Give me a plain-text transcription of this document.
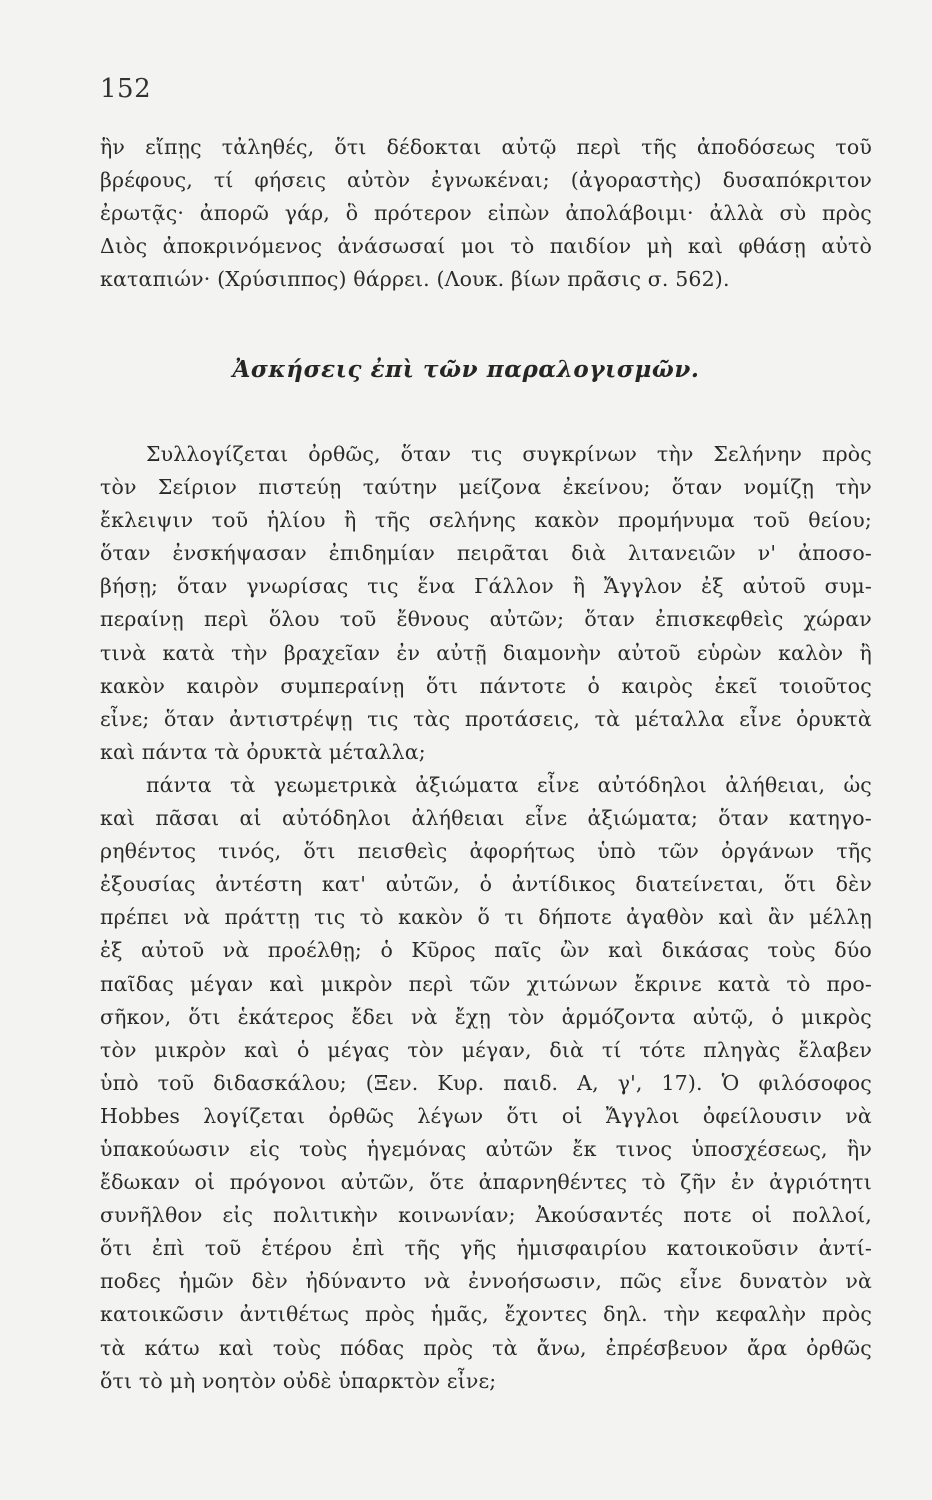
152
ἣν εἴπῃς τἀληθές, ὅτι δέδοκται αὐτῷ περὶ τῆς ἀποδόσεως τοῦ
βρέφους, τί φήσεις αὐτὸν ἐγνωκέναι; (ἀγοραστὴς) δυσαπόκριτον
ἐρωτᾷς· ἀπορῶ γάρ, ὃ πρότερον εἰπὼν ἀπολάβοιμι· ἀλλὰ σὺ πρὸς
Διὸς ἀποκρινόμενος ἀνάσωσαί μοι τὸ παιδίον μὴ καὶ φθάσῃ αὐτὸ
καταπιών· (Χρύσιππος) θάρρει. (Λουκ. βίων πρᾶσις σ. 562).
Ἀσκήσεις ἐπὶ τῶν παραλογισμῶν.
Συλλογίζεται ὀρθῶς, ὅταν τις συγκρίνων τὴν Σελήνην πρὸς
τὸν Σείριον πιστεύῃ ταύτην μείζονα ἐκείνου; ὅταν νομίζῃ τὴν
ἔκλειψιν τοῦ ἡλίου ἢ τῆς σελήνης κακὸν προμήνυμα τοῦ θείου;
ὅταν ἐνσκήψασαν ἐπιδημίαν πειρᾶται διὰ λιτανειῶν ν' ἀποσο-
βήσῃ; ὅταν γνωρίσας τις ἕνα Γάλλον ἢ Ἄγγλον ἐξ αὐτοῦ συμ-
περαίνῃ περὶ ὅλου τοῦ ἔθνους αὐτῶν; ὅταν ἐπισκεφθεὶς χώραν
τινὰ κατὰ τὴν βραχεῖαν ἐν αὐτῇ διαμονὴν αὐτοῦ εὑρὼν καλὸν ἢ
κακὸν καιρὸν συμπεραίνῃ ὅτι πάντοτε ὁ καιρὸς ἐκεῖ τοιοῦτος
εἶνε; ὅταν ἀντιστρέψῃ τις τὰς προτάσεις, τὰ μέταλλα εἶνε ὀρυκτὰ
καὶ πάντα τὰ ὀρυκτὰ μέταλλα;
πάντα τὰ γεωμετρικὰ ἀξιώματα εἶνε αὐτόδηλοι ἀλήθειαι, ὡς
καὶ πᾶσαι αἱ αὐτόδηλοι ἀλήθειαι εἶνε ἀξιώματα; ὅταν κατηγο-
ρηθέντος τινός, ὅτι πεισθεὶς ἀφορήτως ὑπὸ τῶν ὀργάνων τῆς
ἐξουσίας ἀντέστη κατ' αὐτῶν, ὁ ἀντίδικος διατείνεται, ὅτι δὲν
πρέπει νὰ πράττῃ τις τὸ κακὸν ὅ τι δήποτε ἀγαθὸν καὶ ἂν μέλλῃ
ἐξ αὐτοῦ νὰ προέλθῃ; ὁ Κῦρος παῖς ὢν καὶ δικάσας τοὺς δύο
παῖδας μέγαν καὶ μικρὸν περὶ τῶν χιτώνων ἔκρινε κατὰ τὸ προ-
σῆκον, ὅτι ἑκάτερος ἔδει νὰ ἔχῃ τὸν ἁρμόζοντα αὐτῷ, ὁ μικρὸς
τὸν μικρὸν καὶ ὁ μέγας τὸν μέγαν, διὰ τί τότε πληγὰς ἔλαβεν
ὑπὸ τοῦ διδασκάλου; (Ξεν. Κυρ. παιδ. Α, γ', 17). Ὁ φιλόσοφος
Hobbes λογίζεται ὀρθῶς λέγων ὅτι οἱ Ἄγγλοι ὀφείλουσιν νὰ
ὑπακούωσιν εἰς τοὺς ἡγεμόνας αὐτῶν ἔκ τινος ὑποσχέσεως, ἣν
ἔδωκαν οἱ πρόγονοι αὐτῶν, ὅτε ἀπαρνηθέντες τὸ ζῆν ἐν ἀγριότητι
συνῆλθον εἰς πολιτικὴν κοινωνίαν; Ἀκούσαντές ποτε οἱ πολλοί,
ὅτι ἐπὶ τοῦ ἑτέρου ἐπὶ τῆς γῆς ἡμισφαιρίου κατοικοῦσιν ἀντί-
ποδες ἡμῶν δὲν ἠδύναντο νὰ ἐννοήσωσιν, πῶς εἶνε δυνατὸν νὰ
κατοικῶσιν ἀντιθέτως πρὸς ἡμᾶς, ἔχοντες δηλ. τὴν κεφαλὴν πρὸς
τὰ κάτω καὶ τοὺς πόδας πρὸς τὰ ἄνω, ἐπρέσβευον ἄρα ὀρθῶς
ὅτι τὸ μὴ νοητὸν οὐδὲ ὑπαρκτὸν εἶνε;
